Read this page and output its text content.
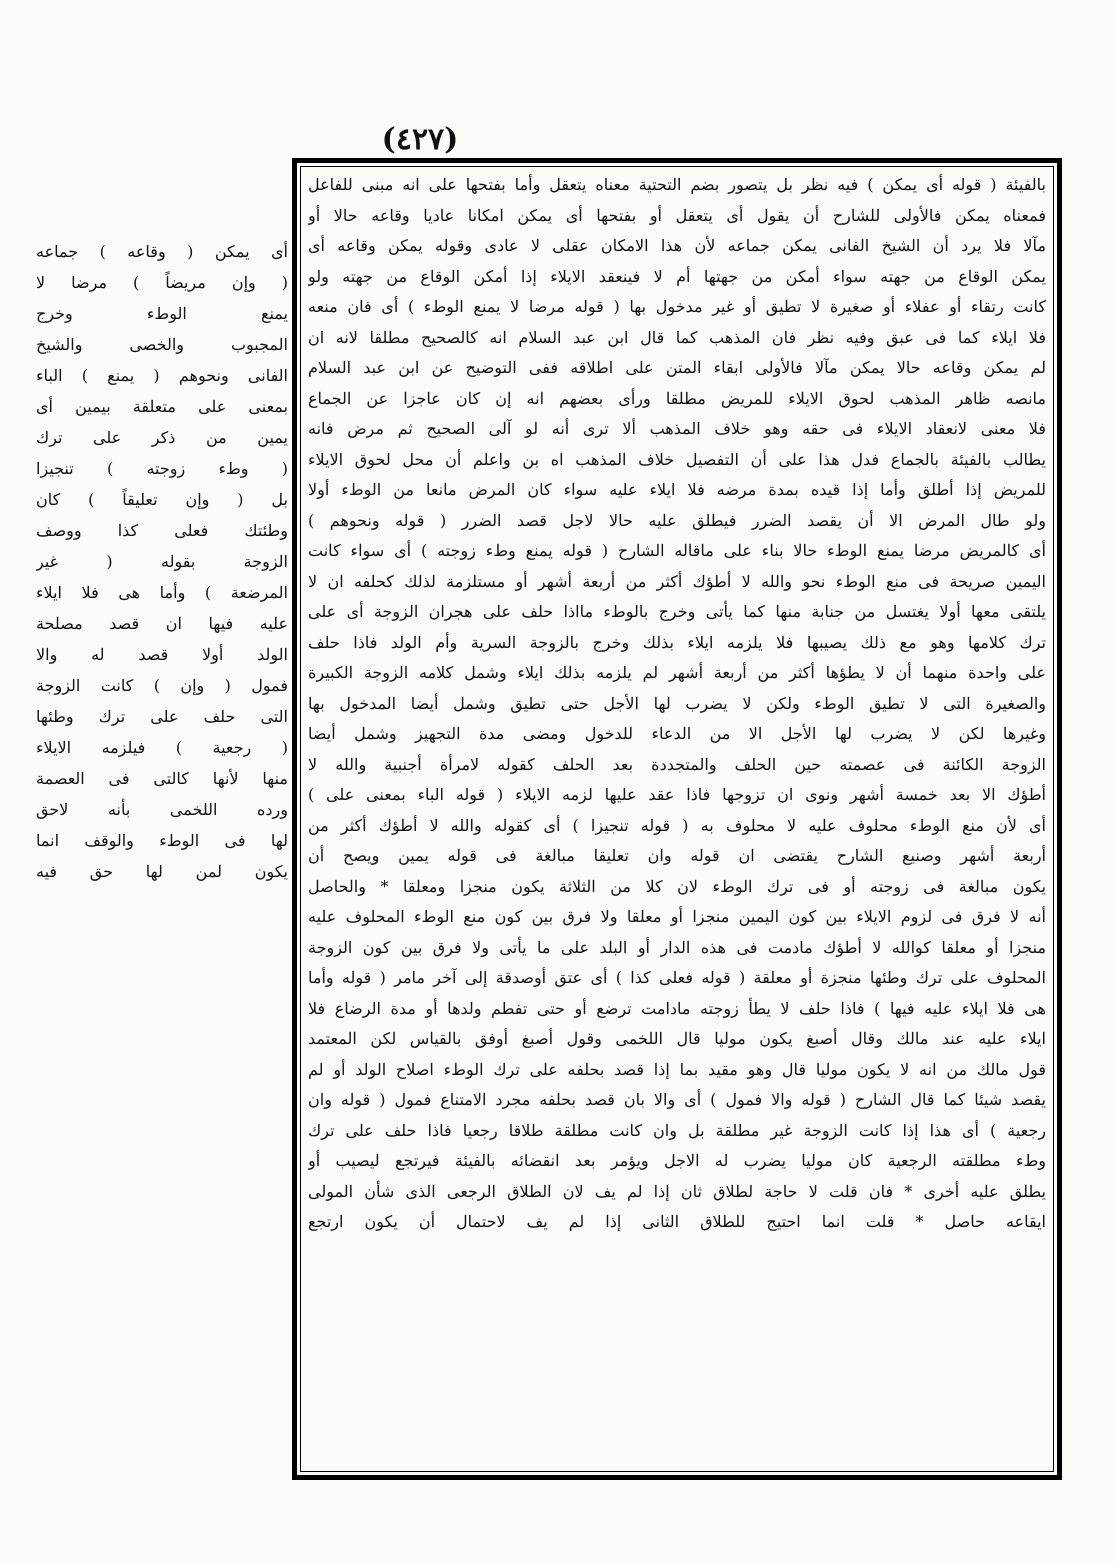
(٤٢٧)
بالفيئة ( قوله أى يمكن ) فيه نظر بل يتصور بضم التحتية معناه يتعقل وأما بفتحها على انه مبنى للفاعل
فمعناه يمكن فالأولى للشارح أن يقول أى يتعقل أو بفتحها أى يمكن امكانا عاديا وقاعه حالا أو
مآلا فلا يرد أن الشيخ الفانى يمكن جماعه لأن هذا الامكان عقلى لا عادى وقوله يمكن وقاعه أى
يمكن الوقاع من جهته سواء أمكن من جهتها أم لا فينعقد الايلاء إذا أمكن الوقاع من جهته ولو
كانت رتقاء أو عفلاء أو صغيرة لا تطيق أو غير مدخول بها ( قوله مرضا لا يمنع الوطء ) أى فان منعه
فلا ايلاء كما فى عبق وفيه نظر فان المذهب كما قال ابن عبد السلام انه كالصحيح مطلقا لانه ان
لم يمكن وقاعه حالا يمكن مآلا فالأولى ابقاء المتن على اطلاقه ففى التوضيح عن ابن عبد السلام
مانصه ظاهر المذهب لحوق الايلاء للمريض مطلقا ورأى بعضهم انه إن كان عاجزا عن الجماع
فلا معنى لانعقاد الايلاء فى حقه وهو خلاف المذهب ألا ترى أنه لو آلى الصحيح ثم مرض فانه
يطالب بالفيئة بالجماع فدل هذا على أن التفصيل خلاف المذهب اه بن واعلم أن محل لحوق الايلاء
للمريض إذا أطلق وأما إذا قيده بمدة مرضه فلا ايلاء عليه سواء كان المرض مانعا من الوطء أولا
ولو طال المرض الا أن يقصد الضرر فيطلق عليه حالا لاجل قصد الضرر ( قوله ونحوهم )
أى كالمريض مرضا يمنع الوطء حالا بناء على ماقاله الشارح ( قوله يمنع وطء زوجته ) أى سواء كانت
اليمين صريحة فى منع الوطء نحو والله لا أطؤك أكثر من أربعة أشهر أو مستلزمة لذلك كحلفه ان لا
يلتقى معها أولا يغتسل من جنابة منها كما يأتى وخرج بالوطء مااذا حلف على هجران الزوجة أى على
ترك كلامها وهو مع ذلك يصيبها فلا يلزمه ايلاء بذلك وخرج بالزوجة السرية وأم الولد فاذا حلف
على واحدة منهما أن لا يطؤها أكثر من أربعة أشهر لم يلزمه بذلك ايلاء وشمل كلامه الزوجة الكبيرة
والصغيرة التى لا تطيق الوطء ولكن لا يضرب لها الأجل حتى تطيق وشمل أيضا المدخول بها
وغيرها لكن لا يضرب لها الأجل الا من الدعاء للدخول ومضى مدة التجهيز وشمل أيضا
الزوجة الكائنة فى عصمته حين الحلف والمتجددة بعد الحلف كقوله لامرأة أجنبية والله لا
أطؤك الا بعد خمسة أشهر ونوى ان تزوجها فاذا عقد عليها لزمه الايلاء ( قوله الباء بمعنى على )
أى لأن منع الوطء محلوف عليه لا محلوف به ( قوله تنجيزا ) أى كقوله والله لا أطؤك أكثر من
أربعة أشهر وصنيع الشارح يقتضى ان قوله وان تعليقا مبالغة فى قوله يمين ويصح أن
يكون مبالغة فى زوجته أو فى ترك الوطء لان كلا من الثلاثة يكون منجزا ومعلقا * والحاصل
أنه لا فرق فى لزوم الايلاء بين كون اليمين منجزا أو معلقا ولا فرق بين كون منع الوطء المحلوف عليه
منجزا أو معلقا كوالله لا أطؤك مادمت فى هذه الدار أو البلد على ما يأتى ولا فرق بين كون الزوجة
المحلوف على ترك وطئها منجزة أو معلقة ( قوله فعلى كذا ) أى عتق أوصدقة إلى آخر مامر ( قوله وأما
هى فلا ايلاء عليه فيها ) فاذا حلف لا يطأ زوجته مادامت ترضع أو حتى تفطم ولدها أو مدة الرضاع فلا
ايلاء عليه عند مالك وقال أصبغ يكون موليا قال اللخمى وقول أصبغ أوفق بالقياس لكن المعتمد
قول مالك من انه لا يكون موليا قال وهو مقيد بما إذا قصد بحلفه على ترك الوطء اصلاح الولد أو لم
يقصد شيئا كما قال الشارح ( قوله والا فمول ) أى والا بان قصد بحلفه مجرد الامتناع فمول ( قوله وان
رجعية ) أى هذا إذا كانت الزوجة غير مطلقة بل وان كانت مطلقة طلاقا رجعيا فاذا حلف على ترك
وطء مطلقته الرجعية كان موليا يضرب له الاجل ويؤمر بعد انقضائه بالفيئة فيرتجع ليصيب أو
يطلق عليه أخرى * فان قلت لا حاجة لطلاق ثان إذا لم يف لان الطلاق الرجعى الذى شأن المولى
ايقاعه حاصل * قلت انما احتيج للطلاق الثانى إذا لم يف لاحتمال أن يكون ارتجع
أى يمكن ( وقاعه ) جماعه
( وإن مريضاً ) مرضا لا
يمنع الوطء وخرج
المجبوب والخصى والشيخ
الفانى ونحوهم ( يمنع ) الباء
بمعنى على متعلقة بيمين أى
يمين من ذكر على ترك
( وطء زوجته ) تنجيزا
بل ( وإن تعليقاً ) كان
وطئتك فعلى كذا ووصف
الزوجة بقوله ( غير
المرضعة ) وأما هى فلا ايلاء
عليه فيها ان قصد مصلحة
الولد أولا قصد له والا
فمول ( وإن ) كانت الزوجة
التى حلف على ترك وطئها
( رجعية ) فيلزمه الايلاء
منها لأنها كالتى فى العصمة
ورده اللخمى بأنه لاحق
لها فى الوطء والوقف انما
يكون لمن لها حق فيه
